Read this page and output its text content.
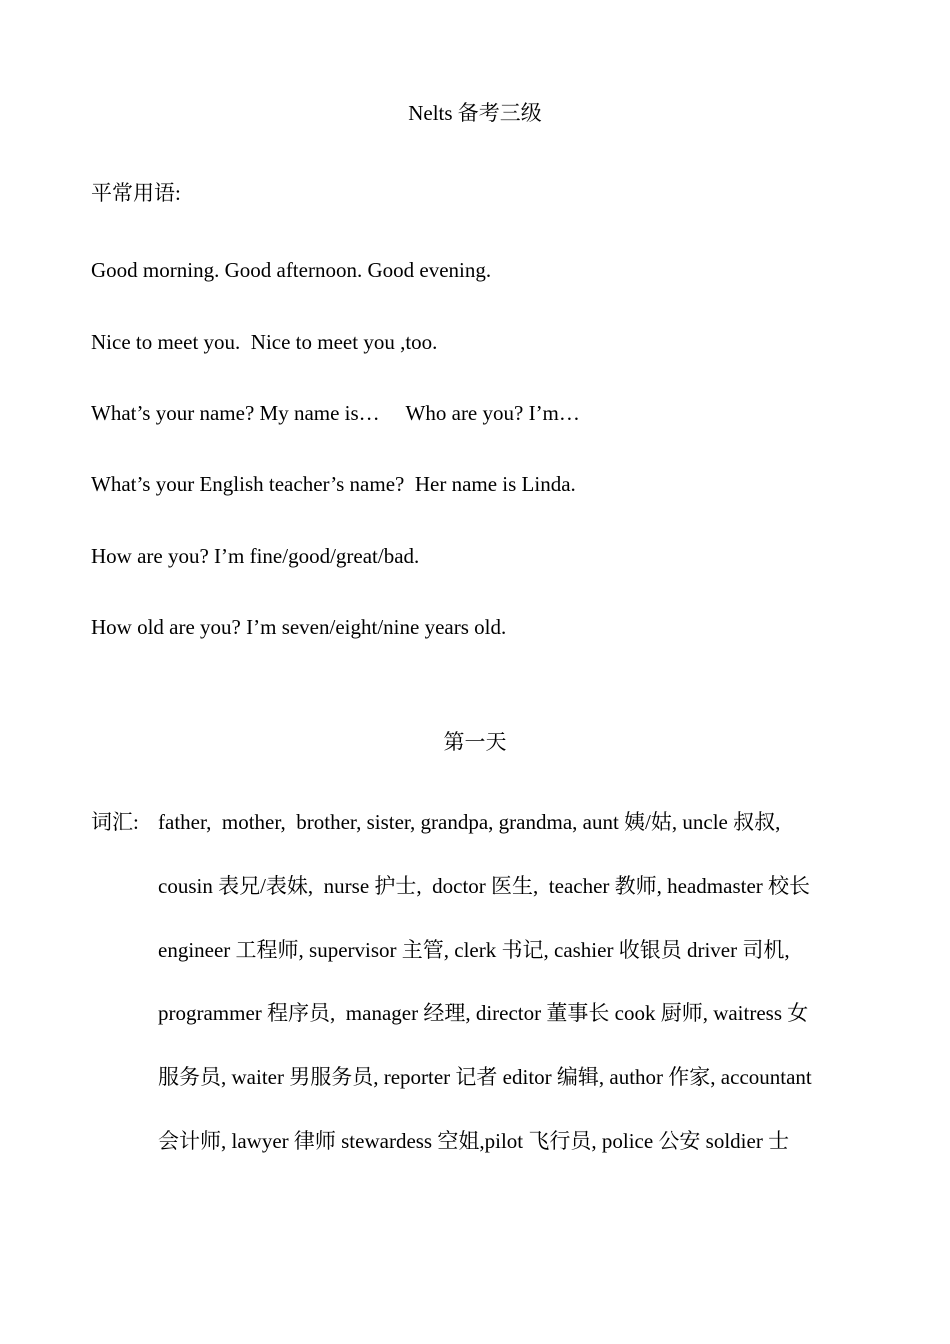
Nelts 备考三级
平常用语:
Good morning. Good afternoon. Good evening.
Nice to meet you.  Nice to meet you ,too.
What’s your name? My name is…     Who are you? I’m…
What’s your English teacher’s name?  Her name is Linda.
How are you? I’m fine/good/great/bad.
How old are you? I’m seven/eight/nine years old.
第一天
词汇: father,  mother,  brother, sister, grandpa, grandma, aunt 姨/姑, uncle 叔叔,
cousin 表兄/表妹,  nurse 护士,  doctor 医生,  teacher 教师, headmaster 校长
engineer 工程师, supervisor 主管, clerk 书记, cashier 收银员 driver 司机,
programmer 程序员,  manager 经理, director 董事长 cook 厨师, waitress 女
服务员, waiter 男服务员, reporter 记者 editor 编辑, author 作家, accountant
会计师, lawyer 律师 stewardess 空姐,pilot 飞行员, police 公安 soldier 士
